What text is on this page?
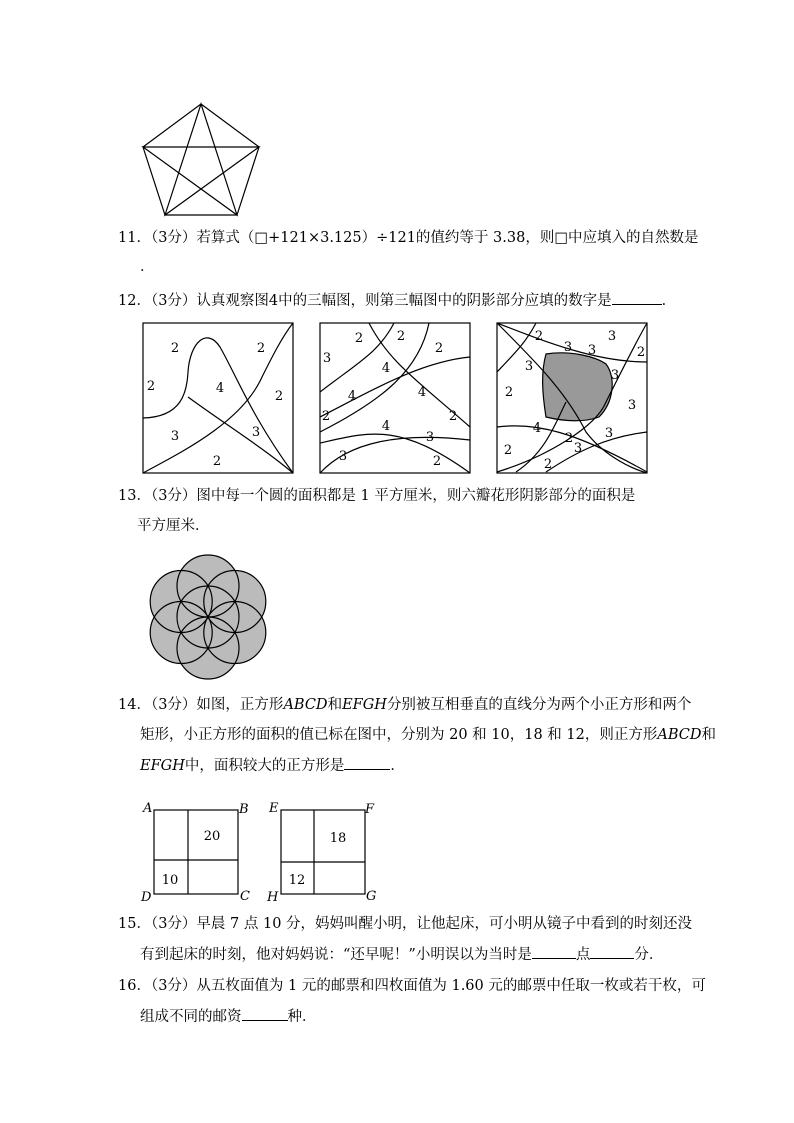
11．（3分）若算式（□+121×3.125）÷121的值约等于 3.38，则□中应填入的自然数是
．
12．（3分）认真观察图4中的三幅图，则第三幅图中的阴影部分应填的数字是	．
2	2
2	4
2
3	3
2
2	2
3
2
4
4	4
2	2
4
3
3	2
2	3
3	2
3
3
2
3
4
3
3
2
2	3
2
13．（3分）图中每一个圆的面积都是 1 平方厘米，则六瓣花形阴影部分的面积是
平方厘米．
14．（3分）如图，正方形ABCD和EFGH分别被互相垂直的直线分为两个小正方形和两个
矩形，小正方形的面积的值已标在图中，分别为 20 和 10，18 和 12，则正方形ABCD和
EFGH中，面积较大的正方形是	．
A	B
C
D
20
10
E	F
G
H
18
12
15．（3分）早晨 7 点 10 分，妈妈叫醒小明，让他起床，可小明从镜子中看到的时刻还没
有到起床的时刻，他对妈妈说：“还早呢！”小明误以为当时是	点	分．
16．（3分）从五枚面值为 1 元的邮票和四枚面值为 1.60 元的邮票中任取一枚或若干枚，可
组成不同的邮资	种．
